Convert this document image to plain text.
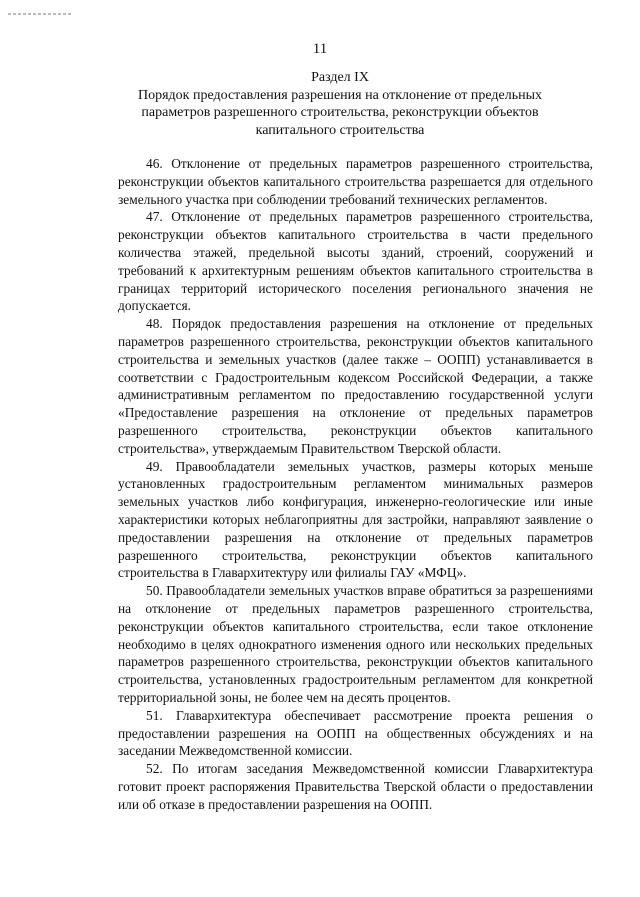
11
Раздел IX
Порядок предоставления разрешения на отклонение от предельных параметров разрешенного строительства, реконструкции объектов капитального строительства

46. Отклонение от предельных параметров разрешенного строительства, реконструкции объектов капитального строительства разрешается для отдельного земельного участка при соблюдении требований технических регламентов.

47. Отклонение от предельных параметров разрешенного строительства, реконструкции объектов капитального строительства в части предельного количества этажей, предельной высоты зданий, строений, сооружений и требований к архитектурным решениям объектов капитального строительства в границах территорий исторического поселения регионального значения не допускается.

48. Порядок предоставления разрешения на отклонение от предельных параметров разрешенного строительства, реконструкции объектов капитального строительства и земельных участков (далее также – ООПП) устанавливается в соответствии с Градостроительным кодексом Российской Федерации, а также административным регламентом по предоставлению государственной услуги «Предоставление разрешения на отклонение от предельных параметров разрешенного строительства, реконструкции объектов капитального строительства», утверждаемым Правительством Тверской области.

49. Правообладатели земельных участков, размеры которых меньше установленных градостроительным регламентом минимальных размеров земельных участков либо конфигурация, инженерно-геологические или иные характеристики которых неблагоприятны для застройки, направляют заявление о предоставлении разрешения на отклонение от предельных параметров разрешенного строительства, реконструкции объектов капитального строительства в Главархитектуру или филиалы ГАУ «МФЦ».

50. Правообладатели земельных участков вправе обратиться за разрешениями на отклонение от предельных параметров разрешенного строительства, реконструкции объектов капитального строительства, если такое отклонение необходимо в целях однократного изменения одного или нескольких предельных параметров разрешенного строительства, реконструкции объектов капитального строительства, установленных градостроительным регламентом для конкретной территориальной зоны, не более чем на десять процентов.

51. Главархитектура обеспечивает рассмотрение проекта решения о предоставлении разрешения на ООПП на общественных обсуждениях и на заседании Межведомственной комиссии.

52. По итогам заседания Межведомственной комиссии Главархитектура готовит проект распоряжения Правительства Тверской области о предоставлении или об отказе в предоставлении разрешения на ООПП.
